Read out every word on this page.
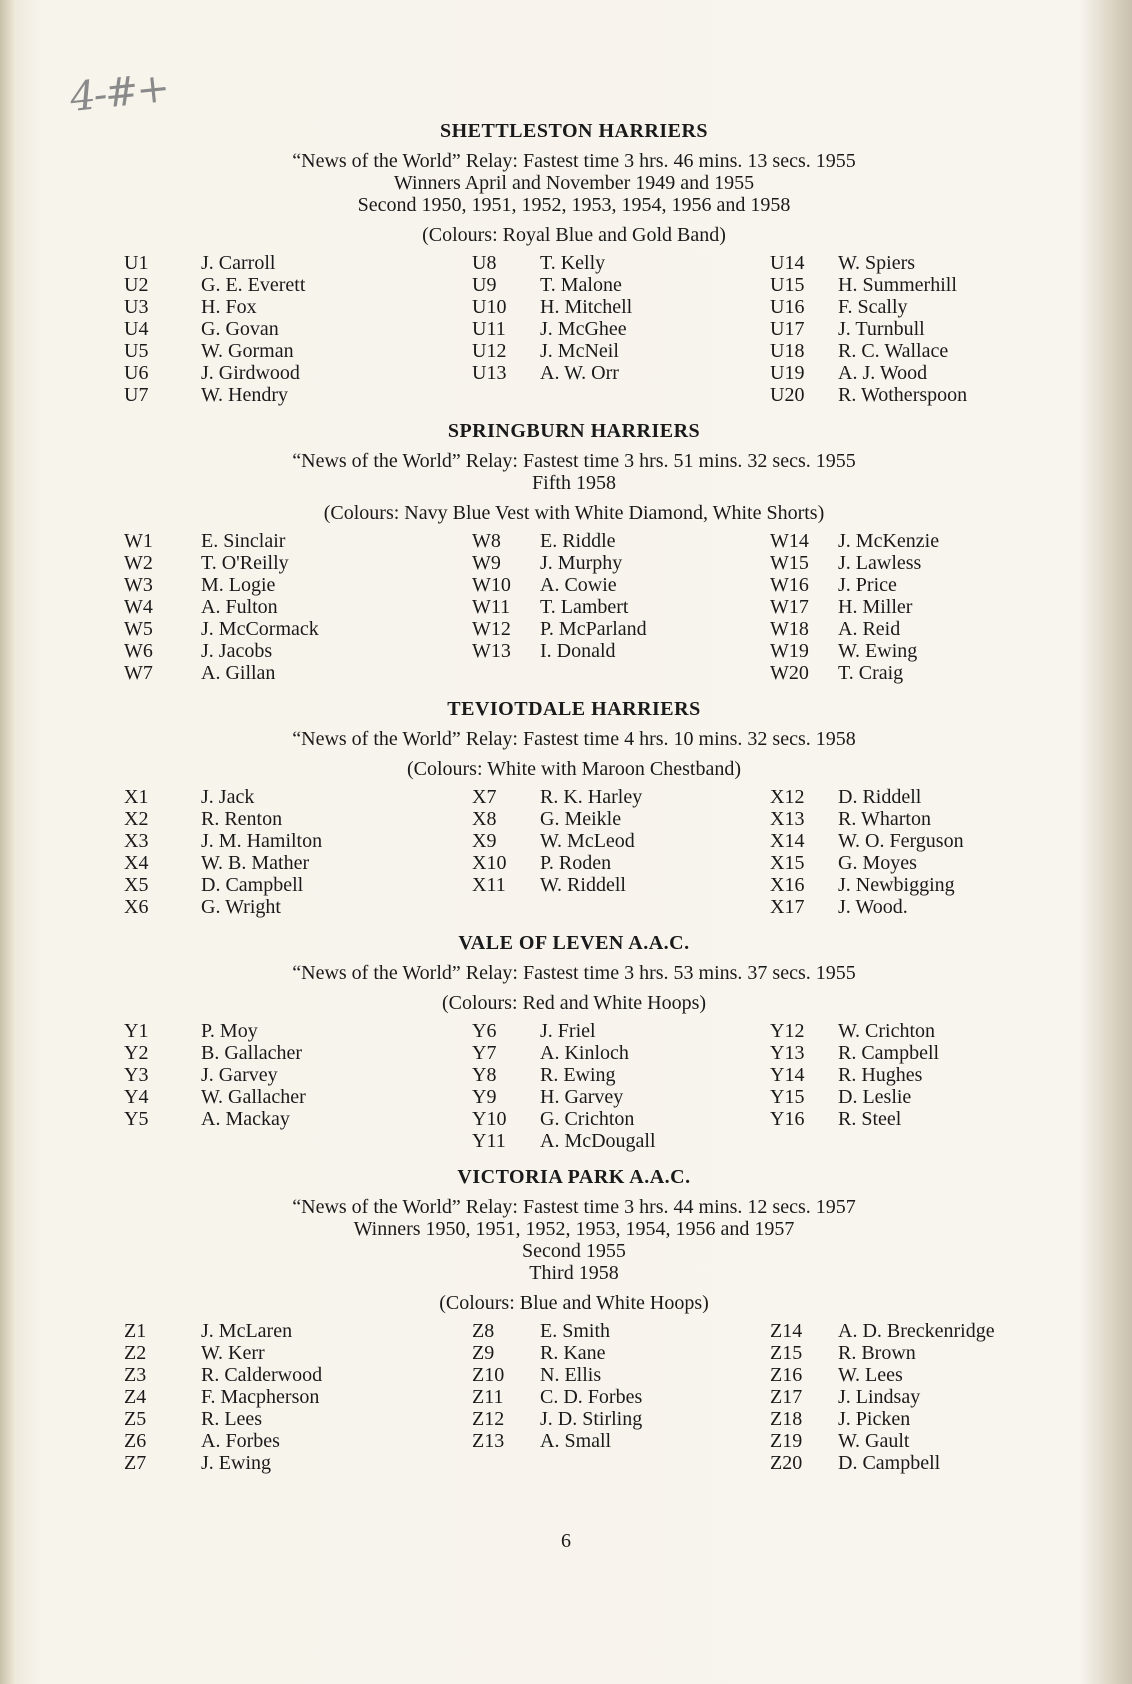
4-#+
SHETTLESTON HARRIERS
“News of the World” Relay: Fastest time 3 hrs. 46 mins. 13 secs. 1955
Winners April and November 1949 and 1955
Second 1950, 1951, 1952, 1953, 1954, 1956 and 1958
(Colours: Royal Blue and Gold Band)
U1	J. Carroll
U2	G. E. Everett
U3	H. Fox
U4	G. Govan
U5	W. Gorman
U6	J. Girdwood
U7	W. Hendry
U8	T. Kelly
U9	T. Malone
U10	H. Mitchell
U11	J. McGhee
U12	J. McNeil
U13	A. W. Orr
U14	W. Spiers
U15	H. Summerhill
U16	F. Scally
U17	J. Turnbull
U18	R. C. Wallace
U19	A. J. Wood
U20	R. Wotherspoon
SPRINGBURN HARRIERS
“News of the World” Relay: Fastest time 3 hrs. 51 mins. 32 secs. 1955
Fifth 1958
(Colours: Navy Blue Vest with White Diamond, White Shorts)
W1	E. Sinclair
W2	T. O'Reilly
W3	M. Logie
W4	A. Fulton
W5	J. McCormack
W6	J. Jacobs
W7	A. Gillan
W8	E. Riddle
W9	J. Murphy
W10	A. Cowie
W11	T. Lambert
W12	P. McParland
W13	I. Donald
W14	J. McKenzie
W15	J. Lawless
W16	J. Price
W17	H. Miller
W18	A. Reid
W19	W. Ewing
W20	T. Craig
TEVIOTDALE HARRIERS
“News of the World” Relay: Fastest time 4 hrs. 10 mins. 32 secs. 1958
(Colours: White with Maroon Chestband)
X1	J. Jack
X2	R. Renton
X3	J. M. Hamilton
X4	W. B. Mather
X5	D. Campbell
X6	G. Wright
X7	R. K. Harley
X8	G. Meikle
X9	W. McLeod
X10	P. Roden
X11	W. Riddell
X12	D. Riddell
X13	R. Wharton
X14	W. O. Ferguson
X15	G. Moyes
X16	J. Newbigging
X17	J. Wood.
VALE OF LEVEN A.A.C.
“News of the World” Relay: Fastest time 3 hrs. 53 mins. 37 secs. 1955
(Colours: Red and White Hoops)
Y1	P. Moy
Y2	B. Gallacher
Y3	J. Garvey
Y4	W. Gallacher
Y5	A. Mackay
Y6	J. Friel
Y7	A. Kinloch
Y8	R. Ewing
Y9	H. Garvey
Y10	G. Crichton
Y11	A. McDougall
Y12	W. Crichton
Y13	R. Campbell
Y14	R. Hughes
Y15	D. Leslie
Y16	R. Steel
VICTORIA PARK A.A.C.
“News of the World” Relay: Fastest time 3 hrs. 44 mins. 12 secs. 1957
Winners 1950, 1951, 1952, 1953, 1954, 1956 and 1957
Second 1955
Third 1958
(Colours: Blue and White Hoops)
Z1	J. McLaren
Z2	W. Kerr
Z3	R. Calderwood
Z4	F. Macpherson
Z5	R. Lees
Z6	A. Forbes
Z7	J. Ewing
Z8	E. Smith
Z9	R. Kane
Z10	N. Ellis
Z11	C. D. Forbes
Z12	J. D. Stirling
Z13	A. Small
Z14	A. D. Breckenridge
Z15	R. Brown
Z16	W. Lees
Z17	J. Lindsay
Z18	J. Picken
Z19	W. Gault
Z20	D. Campbell
6
